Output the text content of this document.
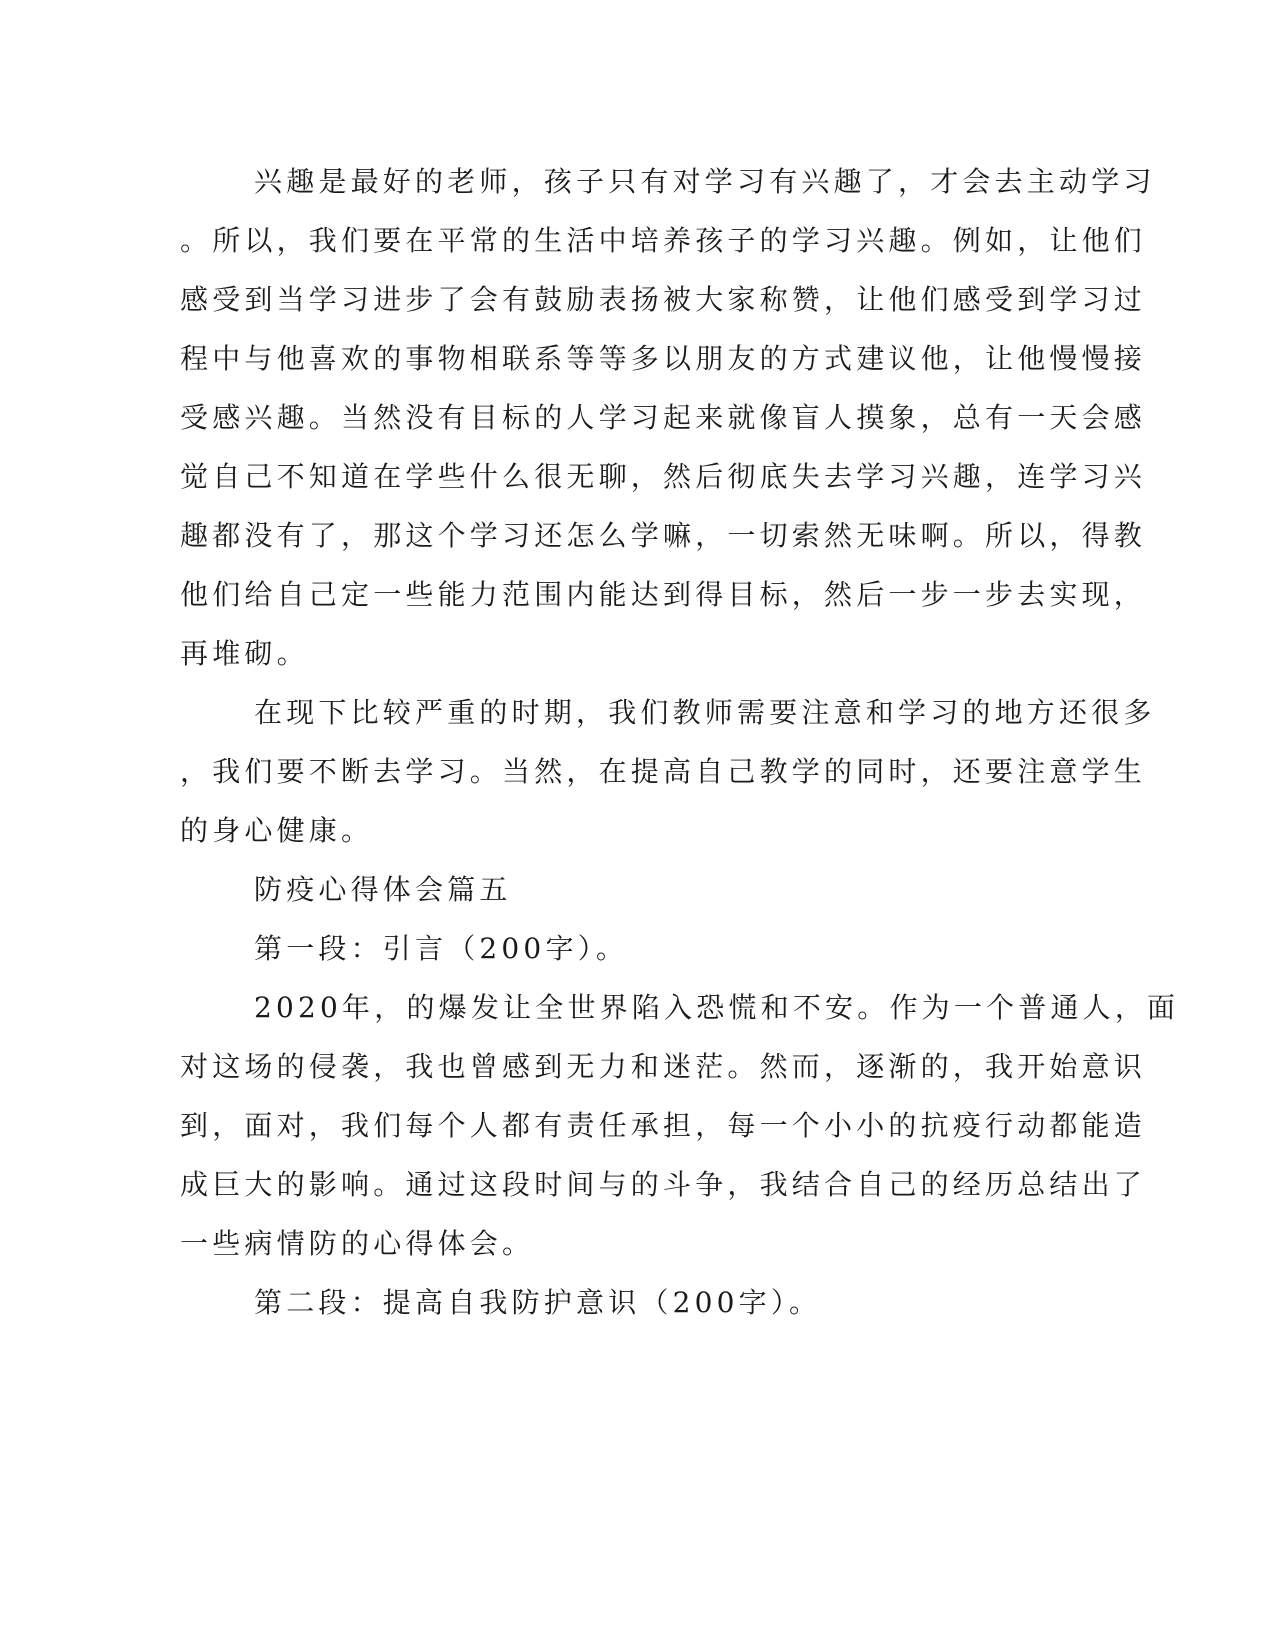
兴趣是最好的老师，孩子只有对学习有兴趣了，才会去主动学习
。所以，我们要在平常的生活中培养孩子的学习兴趣。例如，让他们
感受到当学习进步了会有鼓励表扬被大家称赞，让他们感受到学习过
程中与他喜欢的事物相联系等等多以朋友的方式建议他，让他慢慢接
受感兴趣。当然没有目标的人学习起来就像盲人摸象，总有一天会感
觉自己不知道在学些什么很无聊，然后彻底失去学习兴趣，连学习兴
趣都没有了，那这个学习还怎么学嘛，一切索然无味啊。所以，得教
他们给自己定一些能力范围内能达到得目标，然后一步一步去实现，
再堆砌。
在现下比较严重的时期，我们教师需要注意和学习的地方还很多
，我们要不断去学习。当然，在提高自己教学的同时，还要注意学生
的身心健康。
防疫心得体会篇五
第一段：引言（200字）。
2020年，的爆发让全世界陷入恐慌和不安。作为一个普通人，面
对这场的侵袭，我也曾感到无力和迷茫。然而，逐渐的，我开始意识
到，面对，我们每个人都有责任承担，每一个小小的抗疫行动都能造
成巨大的影响。通过这段时间与的斗争，我结合自己的经历总结出了
一些病情防的心得体会。
第二段：提高自我防护意识（200字）。
